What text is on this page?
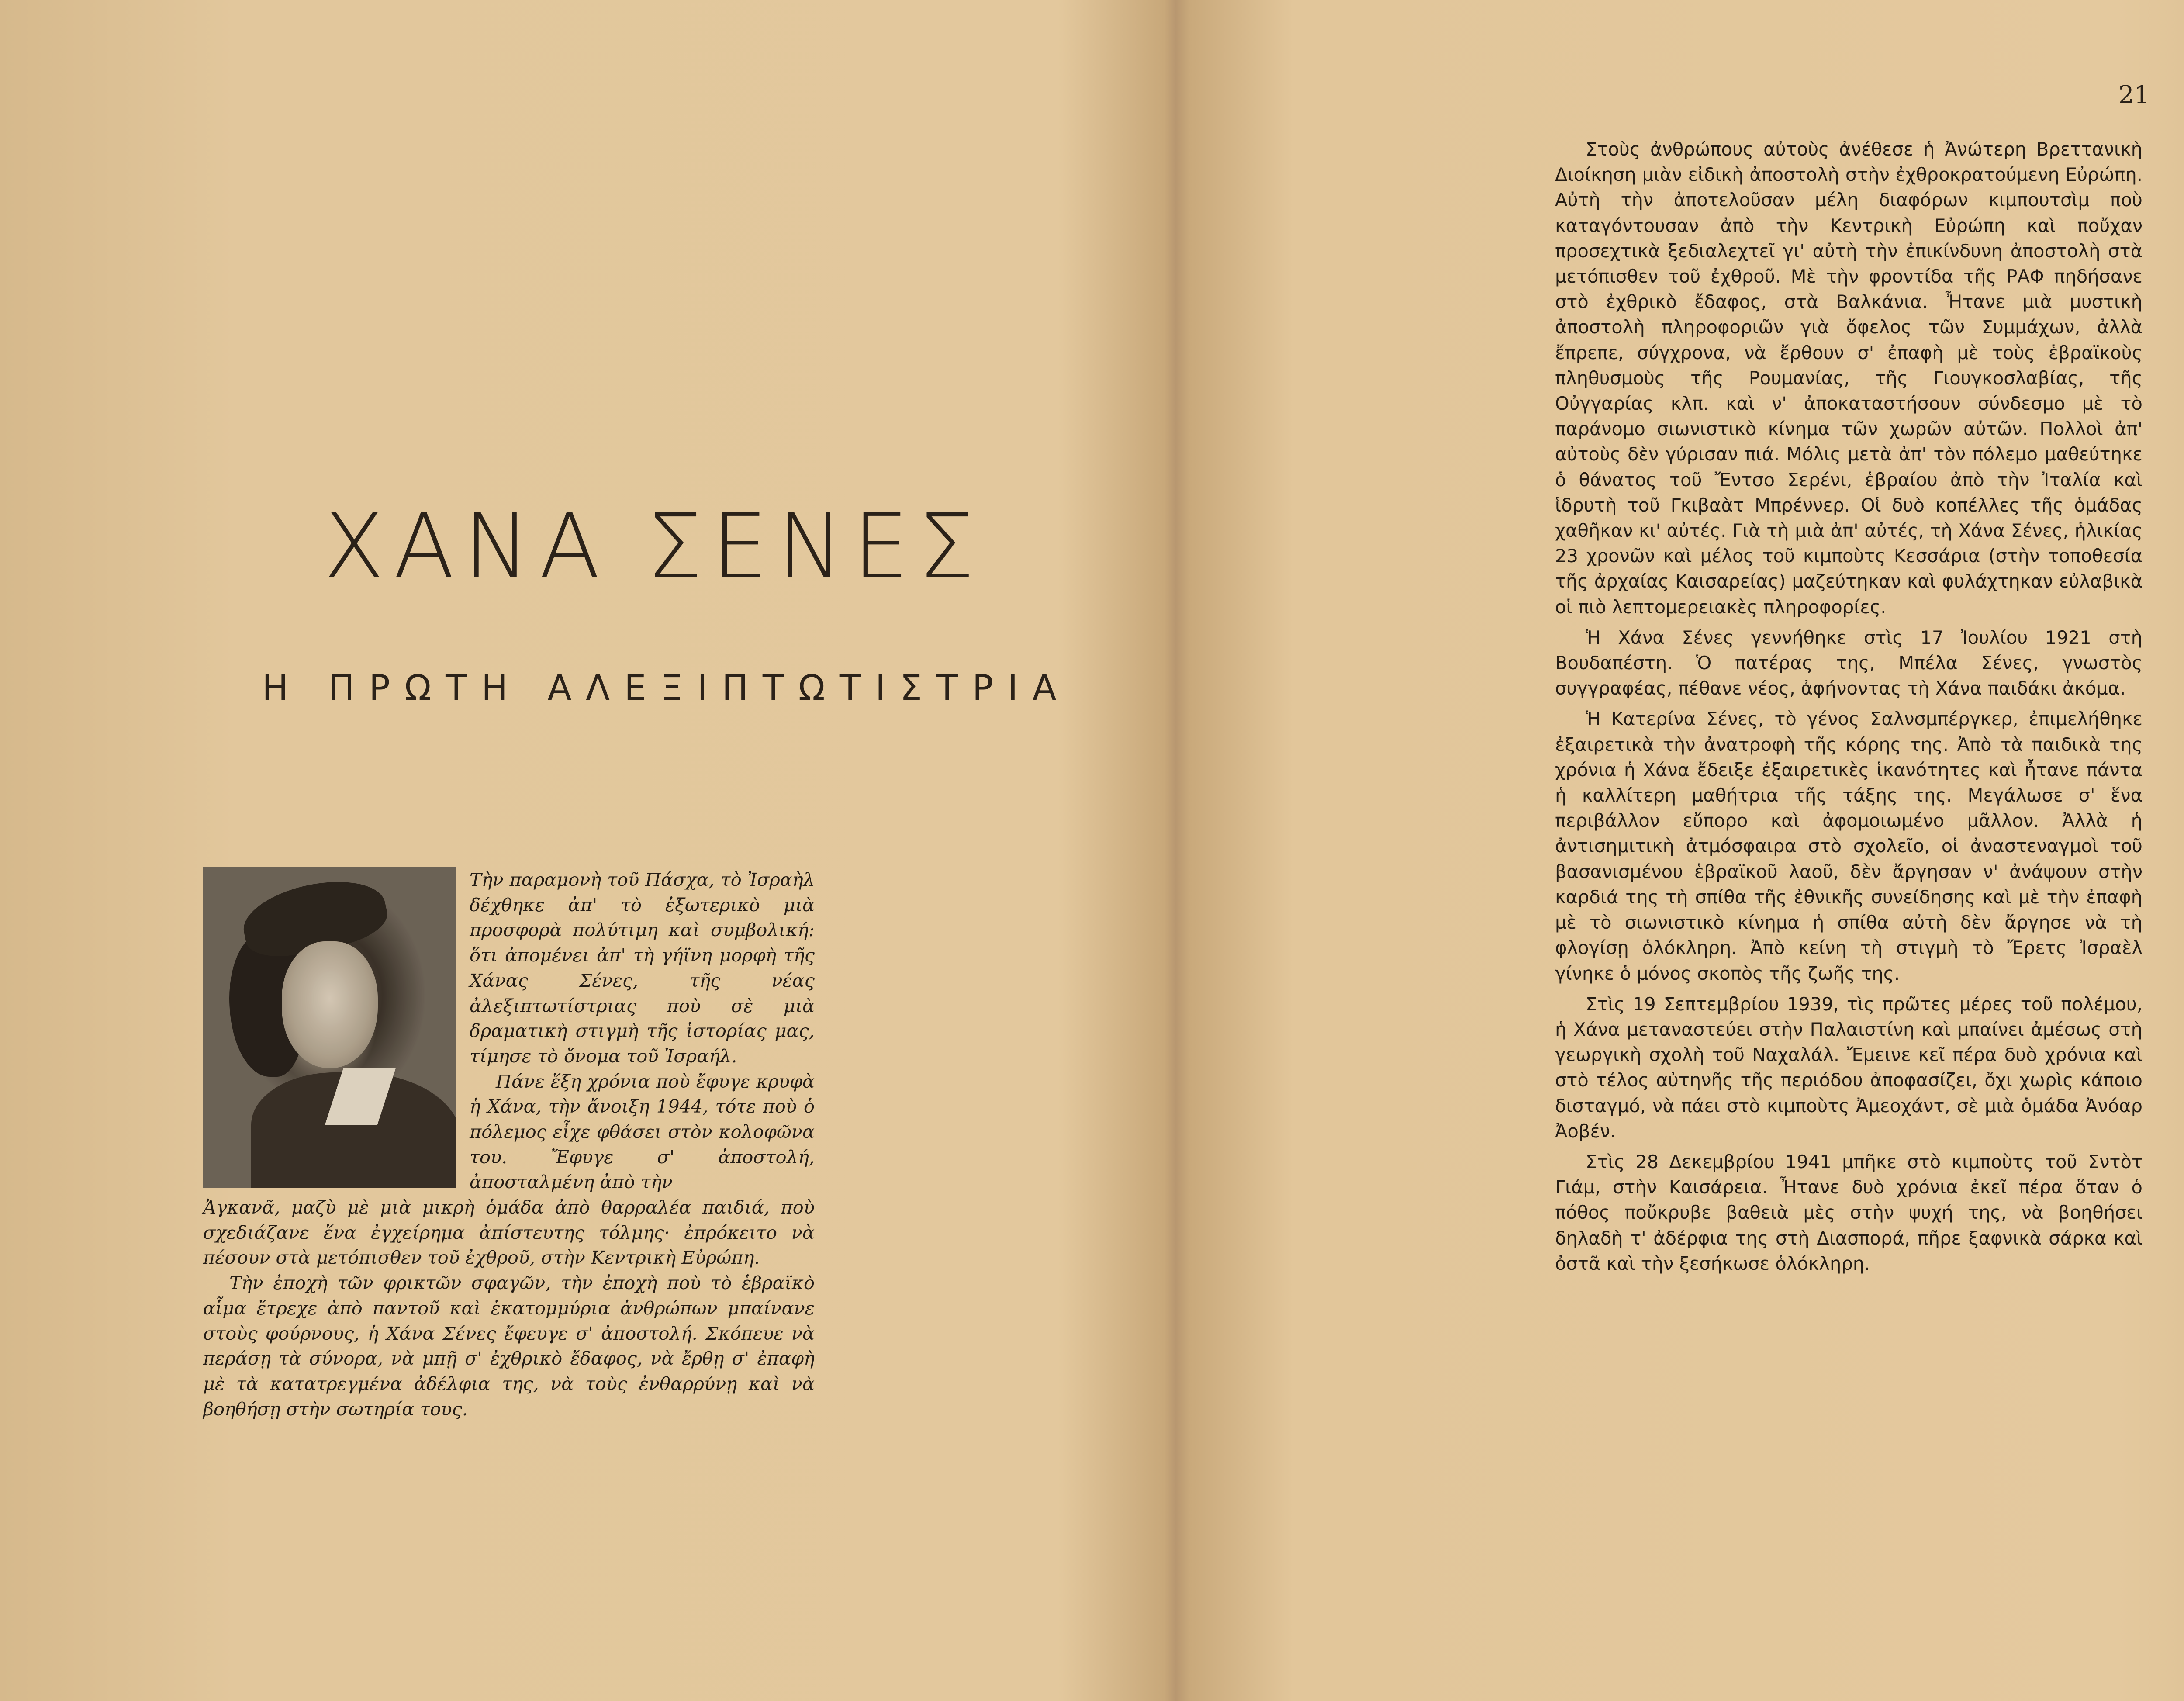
ΧΑΝΑ ΣΕΝΕΣ
Η ΠΡΩΤΗ ΑΛΕΞΙΠΤΩΤΙΣΤΡΙΑ

Τὴν παραμονὴ τοῦ Πάσχα, τὸ Ἰσραὴλ δέχθηκε ἀπ' τὸ ἐξωτερικὸ μιὰ προσφορὰ πολύτιμη καὶ συμβολική: ὅτι ἀπομένει ἀπ' τὴ γήϊνη μορφὴ τῆς Χάνας Σένες, τῆς νέας ἀλεξιπτωτίστριας ποὺ σὲ μιὰ δραματικὴ στιγμὴ τῆς ἱστορίας μας, τίμησε τὸ ὄνομα τοῦ Ἰσραήλ.

Πάνε ἕξη χρόνια ποὺ ἔφυγε κρυφὰ ἡ Χάνα, τὴν ἄνοιξη 1944, τότε ποὺ ὁ πόλεμος εἶχε φθάσει στὸν κολοφῶνα του. Ἔφυγε σ' ἀποστολή, ἀποσταλμένη ἀπὸ τὴν

Ἀγκανᾶ, μαζὺ μὲ μιὰ μικρὴ ὁμάδα ἀπὸ θαρραλέα παιδιά, ποὺ σχεδιάζανε ἕνα ἐγχείρημα ἀπίστευτης τόλμης· ἐπρόκειτο νὰ πέσουν στὰ μετόπισθεν τοῦ ἐχθροῦ, στὴν Κεντρικὴ Εὐρώπη.

Τὴν ἐποχὴ τῶν φρικτῶν σφαγῶν, τὴν ἐποχὴ ποὺ τὸ ἑβραϊκὸ αἷμα ἔτρεχε ἀπὸ παντοῦ καὶ ἑκατομμύρια ἀνθρώπων μπαίνανε στοὺς φούρνους, ἡ Χάνα Σένες ἔφευγε σ' ἀποστολή. Σκόπευε νὰ περάσῃ τὰ σύνορα, νὰ μπῇ σ' ἐχθρικὸ ἔδαφος, νὰ ἔρθῃ σ' ἐπαφὴ μὲ τὰ κατατρεγμένα ἀδέλφια της, νὰ τοὺς ἐνθαρρύνῃ καὶ νὰ βοηθήσῃ στὴν σωτηρία τους.

21

Στοὺς ἀνθρώπους αὐτοὺς ἀνέθεσε ἡ Ἀνώτερη Βρεττανικὴ Διοίκηση μιὰν εἰδικὴ ἀποστολὴ στὴν ἐχθροκρατούμενη Εὐρώπη. Αὐτὴ τὴν ἀποτελοῦσαν μέλη διαφόρων κιμπουτσὶμ ποὺ καταγόντουσαν ἀπὸ τὴν Κεντρικὴ Εὐρώπη καὶ ποὔχαν προσεχτικὰ ξεδιαλεχτεῖ γι' αὐτὴ τὴν ἐπικίνδυνη ἀποστολὴ στὰ μετόπισθεν τοῦ ἐχθροῦ. Μὲ τὴν φροντίδα τῆς ΡΑΦ πηδήσανε στὸ ἐχθρικὸ ἔδαφος, στὰ Βαλκάνια. Ἦτανε μιὰ μυστικὴ ἀποστολὴ πληροφοριῶν γιὰ ὄφελος τῶν Συμμάχων, ἀλλὰ ἔπρεπε, σύγχρονα, νὰ ἔρθουν σ' ἐπαφὴ μὲ τοὺς ἑβραϊκοὺς πληθυσμοὺς τῆς Ρουμανίας, τῆς Γιουγκοσλαβίας, τῆς Οὐγγαρίας κλπ. καὶ ν' ἀποκαταστήσουν σύνδεσμο μὲ τὸ παράνομο σιωνιστικὸ κίνημα τῶν χωρῶν αὐτῶν. Πολλοὶ ἀπ' αὐτοὺς δὲν γύρισαν πιά. Μόλις μετὰ ἀπ' τὸν πόλεμο μαθεύτηκε ὁ θάνατος τοῦ Ἔντσο Σερένι, ἑβραίου ἀπὸ τὴν Ἰταλία καὶ ἱδρυτὴ τοῦ Γκιβαὰτ Μπρέννερ. Οἱ δυὸ κοπέλλες τῆς ὁμάδας χαθῆκαν κι' αὐτές. Γιὰ τὴ μιὰ ἀπ' αὐτές, τὴ Χάνα Σένες, ἡλικίας 23 χρονῶν καὶ μέλος τοῦ κιμποὺτς Κεσσάρια (στὴν τοποθεσία τῆς ἀρχαίας Καισαρείας) μαζεύτηκαν καὶ φυλάχτηκαν εὐλαβικὰ οἱ πιὸ λεπτομερειακὲς πληροφορίες.

Ἡ Χάνα Σένες γεννήθηκε στὶς 17 Ἰουλίου 1921 στὴ Βουδαπέστη. Ὁ πατέρας της, Μπέλα Σένες, γνωστὸς συγγραφέας, πέθανε νέος, ἀφήνοντας τὴ Χάνα παιδάκι ἀκόμα.

Ἡ Κατερίνα Σένες, τὸ γένος Σαλνσμπέργκερ, ἐπιμελήθηκε ἐξαιρετικὰ τὴν ἀνατροφὴ τῆς κόρης της. Ἀπὸ τὰ παιδικὰ της χρόνια ἡ Χάνα ἔδειξε ἐξαιρετικὲς ἱκανότητες καὶ ἦτανε πάντα ἡ καλλίτερη μαθήτρια τῆς τάξης της. Μεγάλωσε σ' ἕνα περιβάλλον εὔπορο καὶ ἀφομοιωμένο μᾶλλον. Ἀλλὰ ἡ ἀντισημιτικὴ ἀτμόσφαιρα στὸ σχολεῖο, οἱ ἀναστεναγμοὶ τοῦ βασανισμένου ἑβραϊκοῦ λαοῦ, δὲν ἄργησαν ν' ἀνάψουν στὴν καρδιά της τὴ σπίθα τῆς ἐθνικῆς συνείδησης καὶ μὲ τὴν ἐπαφὴ μὲ τὸ σιωνιστικὸ κίνημα ἡ σπίθα αὐτὴ δὲν ἄργησε νὰ τὴ φλογίσῃ ὁλόκληρη. Ἀπὸ κείνη τὴ στιγμὴ τὸ Ἔρετς Ἰσραὲλ γίνηκε ὁ μόνος σκοπὸς τῆς ζωῆς της.

Στὶς 19 Σεπτεμβρίου 1939, τὶς πρῶτες μέρες τοῦ πολέμου, ἡ Χάνα μεταναστεύει στὴν Παλαιστίνη καὶ μπαίνει ἀμέσως στὴ γεωργικὴ σχολὴ τοῦ Ναχαλάλ. Ἔμεινε κεῖ πέρα δυὸ χρόνια καὶ στὸ τέλος αὐτηνῆς τῆς περιόδου ἀποφασίζει, ὄχι χωρὶς κάποιο δισταγμό, νὰ πάει στὸ κιμποὺτς Ἀμεοχάντ, σὲ μιὰ ὁμάδα Ἀνόαρ Ἀοβέν.

Στὶς 28 Δεκεμβρίου 1941 μπῆκε στὸ κιμποὺτς τοῦ Σντὸτ Γιάμ, στὴν Καισάρεια. Ἦτανε δυὸ χρόνια ἐκεῖ πέρα ὅταν ὁ πόθος ποὔκρυβε βαθειὰ μὲς στὴν ψυχή της, νὰ βοηθήσει δηλαδὴ τ' ἀδέρφια της στὴ Διασπορά, πῆρε ξαφνικὰ σάρκα καὶ ὀστᾶ καὶ τὴν ξεσήκωσε ὁλόκληρη.
